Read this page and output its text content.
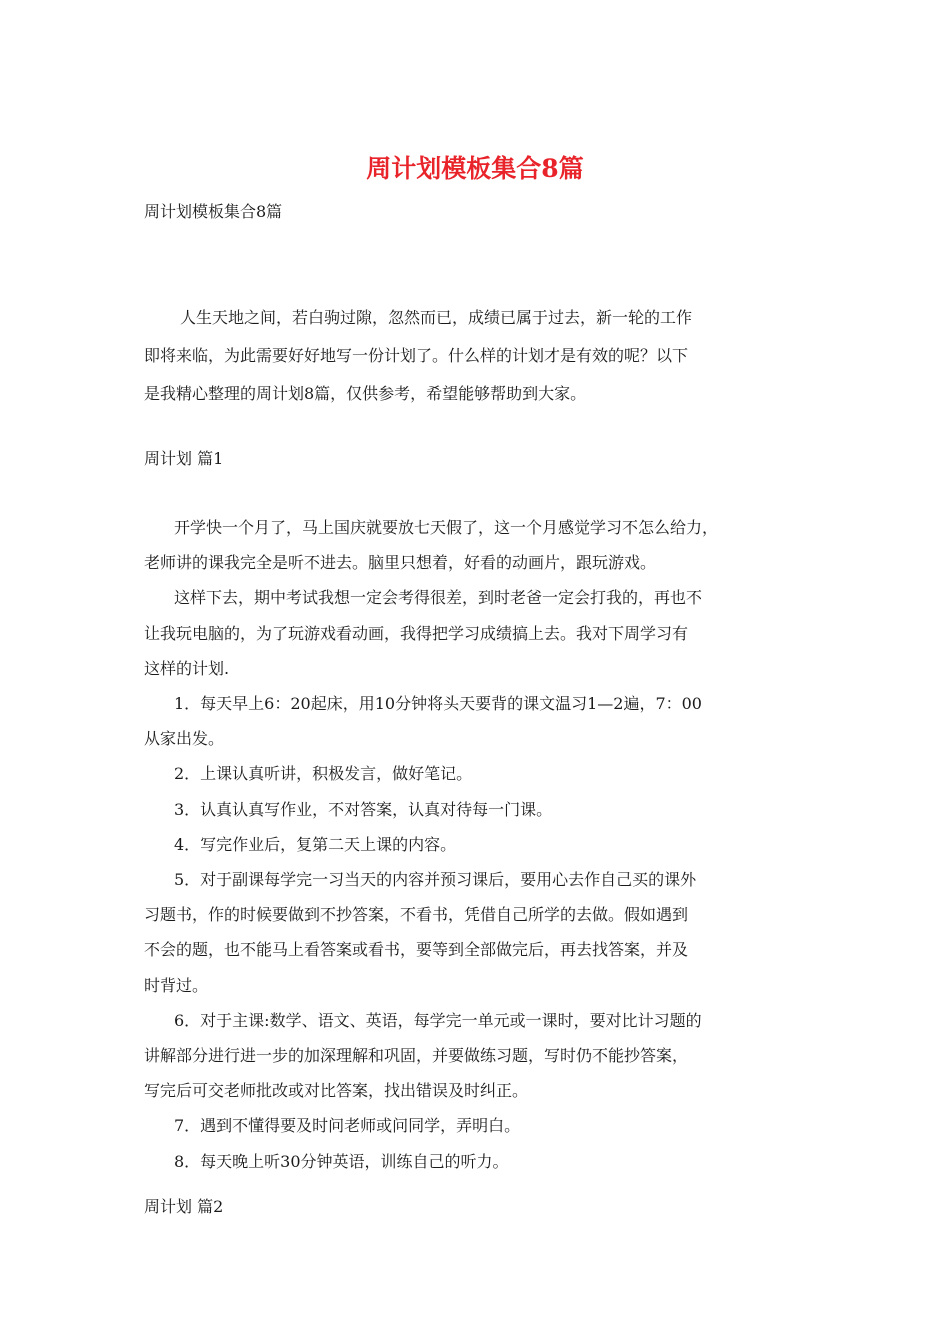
周计划模板集合8篇

周计划模板集合8篇

人生天地之间，若白驹过隙，忽然而已，成绩已属于过去，新一轮的工作
即将来临，为此需要好好地写一份计划了。什么样的计划才是有效的呢？以下
是我精心整理的周计划8篇，仅供参考，希望能够帮助到大家。

周计划 篇1

开学快一个月了，马上国庆就要放七天假了，这一个月感觉学习不怎么给力，
老师讲的课我完全是听不进去。脑里只想着，好看的动画片，跟玩游戏。
这样下去，期中考试我想一定会考得很差，到时老爸一定会打我的，再也不
让我玩电脑的，为了玩游戏看动画，我得把学习成绩搞上去。我对下周学习有
这样的计划.
1．每天早上6：20起床，用10分钟将头天要背的课文温习1—2遍，7：00
从家出发。
2．上课认真听讲，积极发言，做好笔记。
3．认真认真写作业，不对答案，认真对待每一门课。
4．写完作业后，复第二天上课的内容。
5．对于副课每学完一习当天的内容并预习课后，要用心去作自己买的课外
习题书，作的时候要做到不抄答案，不看书，凭借自己所学的去做。假如遇到
不会的题，也不能马上看答案或看书，要等到全部做完后，再去找答案，并及
时背过。
6．对于主课:数学、语文、英语，每学完一单元或一课时，要对比计习题的
讲解部分进行进一步的加深理解和巩固，并要做练习题，写时仍不能抄答案，
写完后可交老师批改或对比答案，找出错误及时纠正。
7．遇到不懂得要及时问老师或问同学，弄明白。
8．每天晚上听30分钟英语，训练自己的听力。

周计划 篇2
